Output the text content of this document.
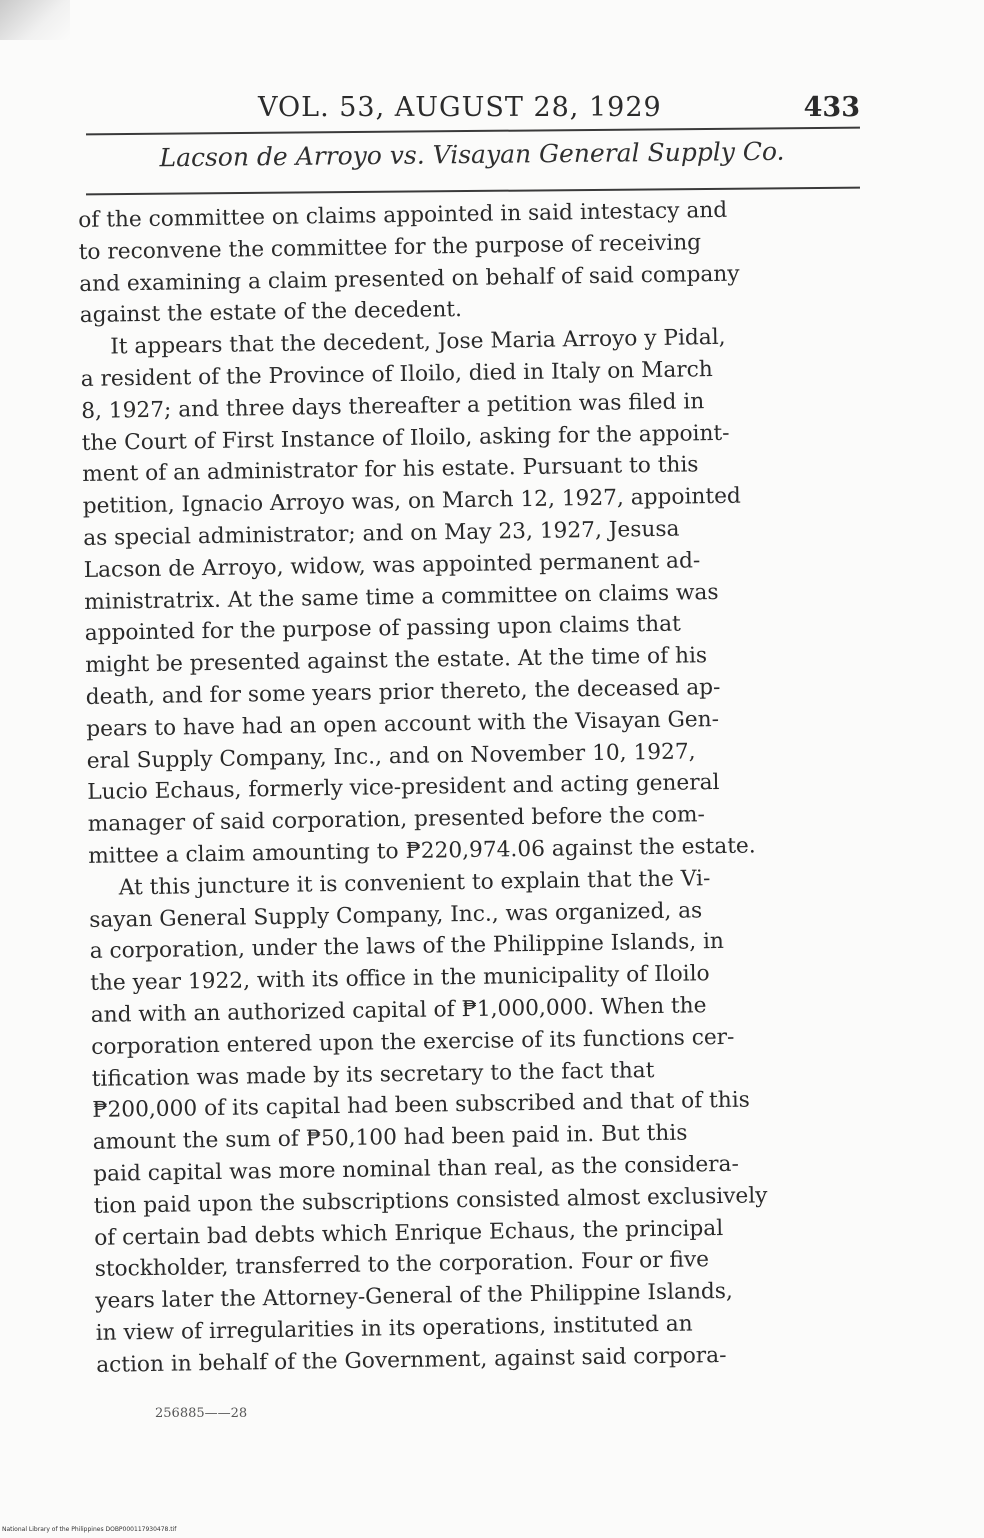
VOL. 53, AUGUST 28, 1929	433
Lacson de Arroyo vs. Visayan General Supply Co.
of the committee on claims appointed in said intestacy and
to reconvene the committee for the purpose of receiving
and examining a claim presented on behalf of said company
against the estate of the decedent.
It appears that the decedent, Jose Maria Arroyo y Pidal,
a resident of the Province of Iloilo, died in Italy on March
8, 1927; and three days thereafter a petition was filed in
the Court of First Instance of Iloilo, asking for the appoint-
ment of an administrator for his estate. Pursuant to this
petition, Ignacio Arroyo was, on March 12, 1927, appointed
as special administrator; and on May 23, 1927, Jesusa
Lacson de Arroyo, widow, was appointed permanent ad-
ministratrix. At the same time a committee on claims was
appointed for the purpose of passing upon claims that
might be presented against the estate. At the time of his
death, and for some years prior thereto, the deceased ap-
pears to have had an open account with the Visayan Gen-
eral Supply Company, Inc., and on November 10, 1927,
Lucio Echaus, formerly vice-president and acting general
manager of said corporation, presented before the com-
mittee a claim amounting to ₱220,974.06 against the estate.
At this juncture it is convenient to explain that the Vi-
sayan General Supply Company, Inc., was organized, as
a corporation, under the laws of the Philippine Islands, in
the year 1922, with its office in the municipality of Iloilo
and with an authorized capital of ₱1,000,000. When the
corporation entered upon the exercise of its functions cer-
tification was made by its secretary to the fact that
₱200,000 of its capital had been subscribed and that of this
amount the sum of ₱50,100 had been paid in. But this
paid capital was more nominal than real, as the considera-
tion paid upon the subscriptions consisted almost exclusively
of certain bad debts which Enrique Echaus, the principal
stockholder, transferred to the corporation. Four or five
years later the Attorney-General of the Philippine Islands,
in view of irregularities in its operations, instituted an
action in behalf of the Government, against said corpora-
256885——28
National Library of the Philippines DOBP000117930478.tif
